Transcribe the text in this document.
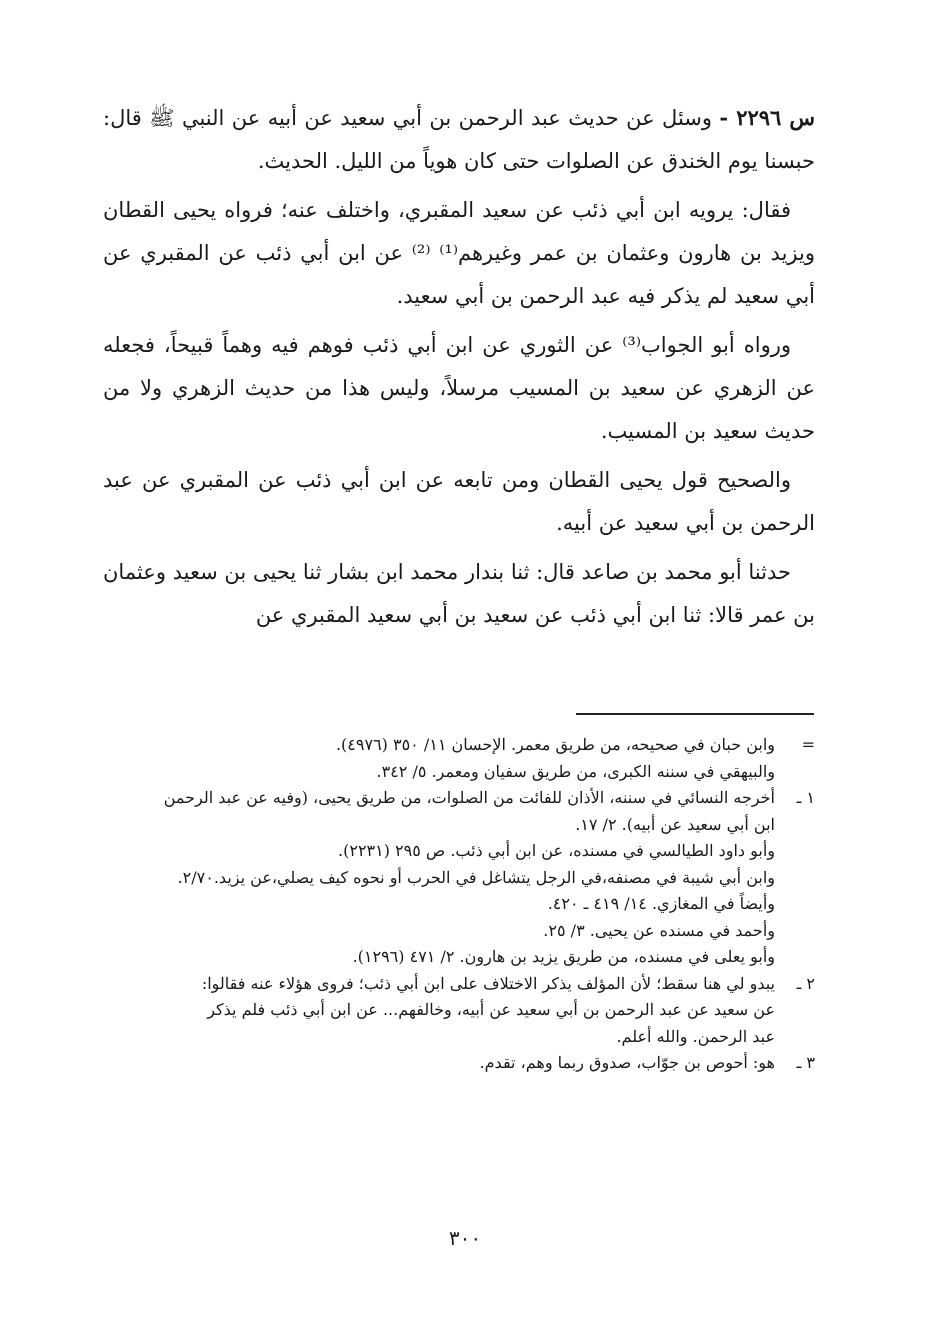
س ٢٢٩٦ - وسئل عن حديث عبد الرحمن بن أبي سعيد عن أبيه عن النبي ﷺ قال: حبسنا يوم الخندق عن الصلوات حتى كان هوياً من الليل. الحديث.

فقال: يرويه ابن أبي ذئب عن سعيد المقبري، واختلف عنه؛ فرواه يحيى القطان ويزيد بن هارون وعثمان بن عمر وغيرهم⁽¹⁾ ⁽²⁾ عن ابن أبي ذئب عن المقبري عن أبي سعيد لم يذكر فيه عبد الرحمن بن أبي سعيد.

ورواه أبو الجواب⁽³⁾ عن الثوري عن ابن أبي ذئب فوهم فيه وهماً قبيحاً، فجعله عن الزهري عن سعيد بن المسيب مرسلاً، وليس هذا من حديث الزهري ولا من حديث سعيد بن المسيب.

والصحيح قول يحيى القطان ومن تابعه عن ابن أبي ذئب عن المقبري عن عبد الرحمن بن أبي سعيد عن أبيه.

حدثنا أبو محمد بن صاعد قال: ثنا بندار محمد ابن بشار ثنا يحيى بن سعيد وعثمان بن عمر قالا: ثنا ابن أبي ذئب عن سعيد بن أبي سعيد المقبري عن

=
وابن حبان في صحيحه، من طريق معمر. الإحسان ١١/ ٣٥٠ (٤٩٧٦).
والبيهقي في سننه الكبرى، من طريق سفيان ومعمر. ٥/ ٣٤٢.
١ ـ
أخرجه النسائي في سننه، الأذان للفائت من الصلوات، من طريق يحيى، (وفيه عن عبد الرحمن
ابن أبي سعيد عن أبيه). ٢/ ١٧.
وأبو داود الطيالسي في مسنده، عن ابن أبي ذئب. ص ٢٩٥ (٢٢٣١).
وابن أبي شيبة في مصنفه،في الرجل يتشاغل في الحرب أو نحوه كيف يصلي،عن يزيد.٢/٧٠.
وأيضاً في المغازي. ١٤/ ٤١٩ ـ ٤٢٠.
وأحمد في مسنده عن يحيى. ٣/ ٢٥.
وأبو يعلى في مسنده، من طريق يزيد بن هارون. ٢/ ٤٧١ (١٢٩٦).
٢ ـ
يبدو لي هنا سقط؛ لأن المؤلف يذكر الاختلاف على ابن أبي ذئب؛ فروى هؤلاء عنه فقالوا:
عن سعيد عن عبد الرحمن بن أبي سعيد عن أبيه، وخالفهم... عن ابن أبي ذئب فلم يذكر
عبد الرحمن. والله أعلم.
٣ ـ
هو: أحوص بن جوّاب، صدوق ربما وهم، تقدم.
٣٠٠
